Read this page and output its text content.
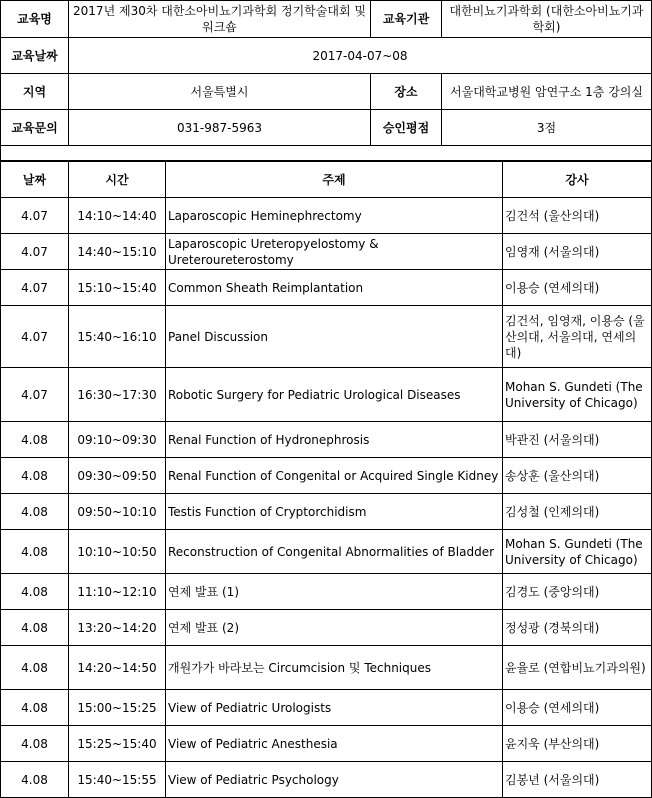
교육명	2017년 제30차 대한소아비뇨기과학회 정기학술대회 및 워크숍	교육기관	대한비뇨기과학회 (대한소아비뇨기과학회)
교육날짜	2017-04-07~08		
지역	서울특별시	장소	서울대학교병원 암연구소 1층 강의실
교육문의	031-987-5963	승인평점	3점

날짜	시간	주제	강사
4.07	14:10~14:40	Laparoscopic Heminephrectomy	김건석 (울산의대)
4.07	14:40~15:10	Laparoscopic Ureteropyelostomy & Ureteroureterostomy	임영재 (서울의대)
4.07	15:10~15:40	Common Sheath Reimplantation	이용승 (연세의대)
4.07	15:40~16:10	Panel Discussion	김건석, 임영재, 이용승 (울산의대, 서울의대, 연세의대)
4.07	16:30~17:30	Robotic Surgery for Pediatric Urological Diseases	Mohan S. Gundeti (The University of Chicago)
4.08	09:10~09:30	Renal Function of Hydronephrosis	박관진 (서울의대)
4.08	09:30~09:50	Renal Function of Congenital or Acquired Single Kidney	송상훈 (울산의대)
4.08	09:50~10:10	Testis Function of Cryptorchidism	김성철 (인제의대)
4.08	10:10~10:50	Reconstruction of Congenital Abnormalities of Bladder	Mohan S. Gundeti (The University of Chicago)
4.08	11:10~12:10	연제 발표 (1)	김경도 (중앙의대)
4.08	13:20~14:20	연제 발표 (2)	정성광 (경북의대)
4.08	14:20~14:50	개원가가 바라보는 Circumcision 및 Techniques	윤율로 (연합비뇨기과의원)
4.08	15:00~15:25	View of Pediatric Urologists	이용승 (연세의대)
4.08	15:25~15:40	View of Pediatric Anesthesia	윤지욱 (부산의대)
4.08	15:40~15:55	View of Pediatric Psychology	김봉년 (서울의대)
